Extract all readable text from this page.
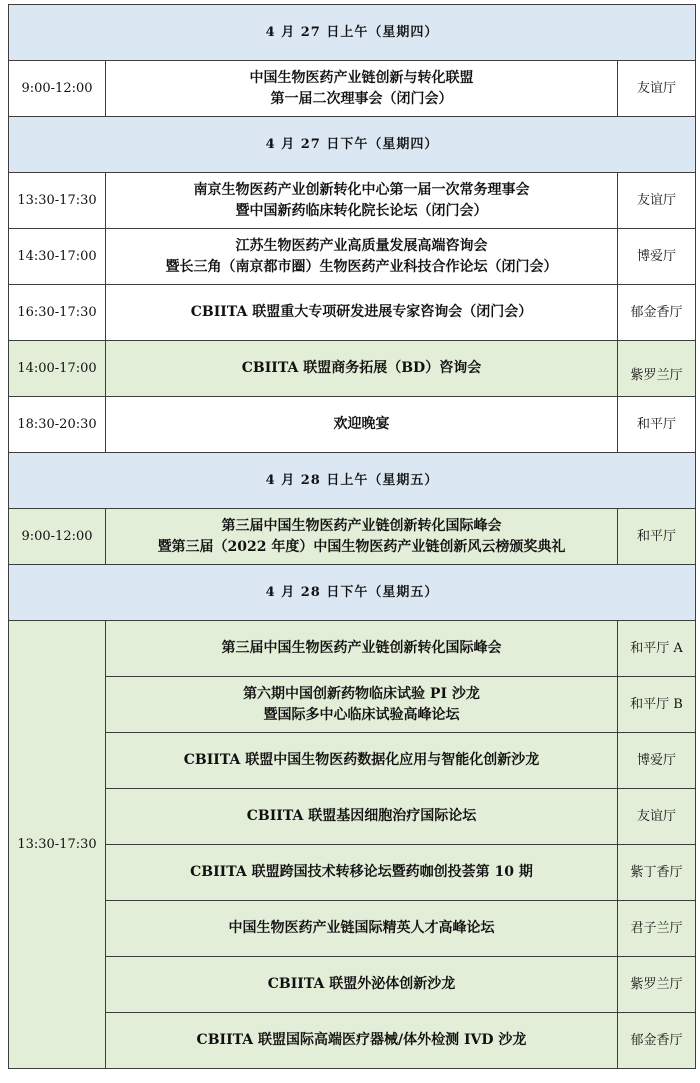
4 月 27 日上午（星期四）		
9:00-12:00	中国生物医药产业链创新与转化联盟
第一届二次理事会（闭门会）	友谊厅
4 月 27 日下午（星期四）		
13:30-17:30	南京生物医药产业创新转化中心第一届一次常务理事会
暨中国新药临床转化院长论坛（闭门会）	友谊厅
14:30-17:00	江苏生物医药产业高质量发展高端咨询会
暨长三角（南京都市圈）生物医药产业科技合作论坛（闭门会）	博爱厅
16:30-17:30	CBIITA 联盟重大专项研发进展专家咨询会（闭门会）	郁金香厅
14:00-17:00	CBIITA 联盟商务拓展（BD）咨询会	紫罗兰厅
18:30-20:30	欢迎晚宴	和平厅
4 月 28 日上午（星期五）		
9:00-12:00	第三届中国生物医药产业链创新转化国际峰会
暨第三届（2022 年度）中国生物医药产业链创新风云榜颁奖典礼	和平厅
4 月 28 日下午（星期五）		
13:30-17:30	第三届中国生物医药产业链创新转化国际峰会	和平厅 A

	第六期中国创新药物临床试验 PI 沙龙
暨国际多中心临床试验高峰论坛	和平厅 B

	CBIITA 联盟中国生物医药数据化应用与智能化创新沙龙	博爱厅

	CBIITA 联盟基因细胞治疗国际论坛	友谊厅

	CBIITA 联盟跨国技术转移论坛暨药咖创投荟第 10 期	紫丁香厅

	中国生物医药产业链国际精英人才高峰论坛	君子兰厅

	CBIITA 联盟外泌体创新沙龙	紫罗兰厅

	CBIITA 联盟国际高端医疗器械/体外检测 IVD 沙龙	郁金香厅
